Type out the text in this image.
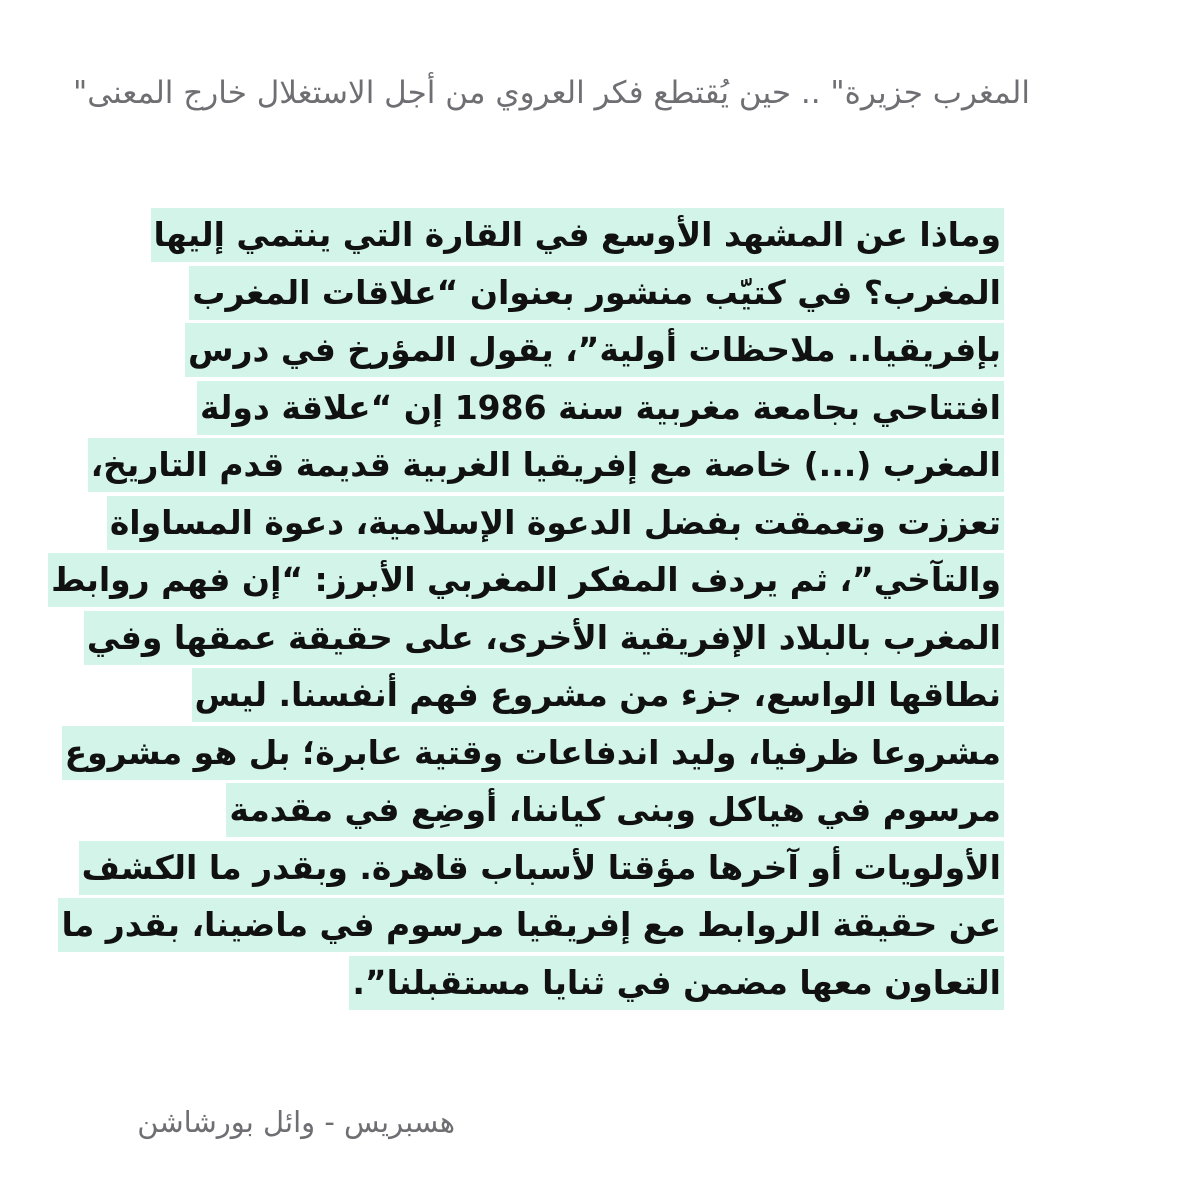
المغرب جزيرة" .. حين يُقتطع فكر العروي من أجل الاستغلال خارج المعنى"
وماذا عن المشهد الأوسع في القارة التي ينتمي إليها
المغرب؟ في كتيّب منشور بعنوان “علاقات المغرب
بإفريقيا.. ملاحظات أولية”، يقول المؤرخ في درس
افتتاحي بجامعة مغربية سنة 1986 إن “علاقة دولة
المغرب (...) خاصة مع إفريقيا الغربية قديمة قدم التاريخ،
تعززت وتعمقت بفضل الدعوة الإسلامية، دعوة المساواة
والتآخي”، ثم يردف المفكر المغربي الأبرز: “إن فهم روابط
المغرب بالبلاد الإفريقية الأخرى، على حقيقة عمقها وفي
نطاقها الواسع، جزء من مشروع فهم أنفسنا. ليس
مشروعا ظرفيا، وليد اندفاعات وقتية عابرة؛ بل هو مشروع
مرسوم في هياكل وبنى كياننا، أوضِع في مقدمة
الأولويات أو آخرها مؤقتا لأسباب قاهرة. وبقدر ما الكشف
عن حقيقة الروابط مع إفريقيا مرسوم في ماضينا، بقدر ما
التعاون معها مضمن في ثنايا مستقبلنا”.
هسبريس - وائل بورشاشن
